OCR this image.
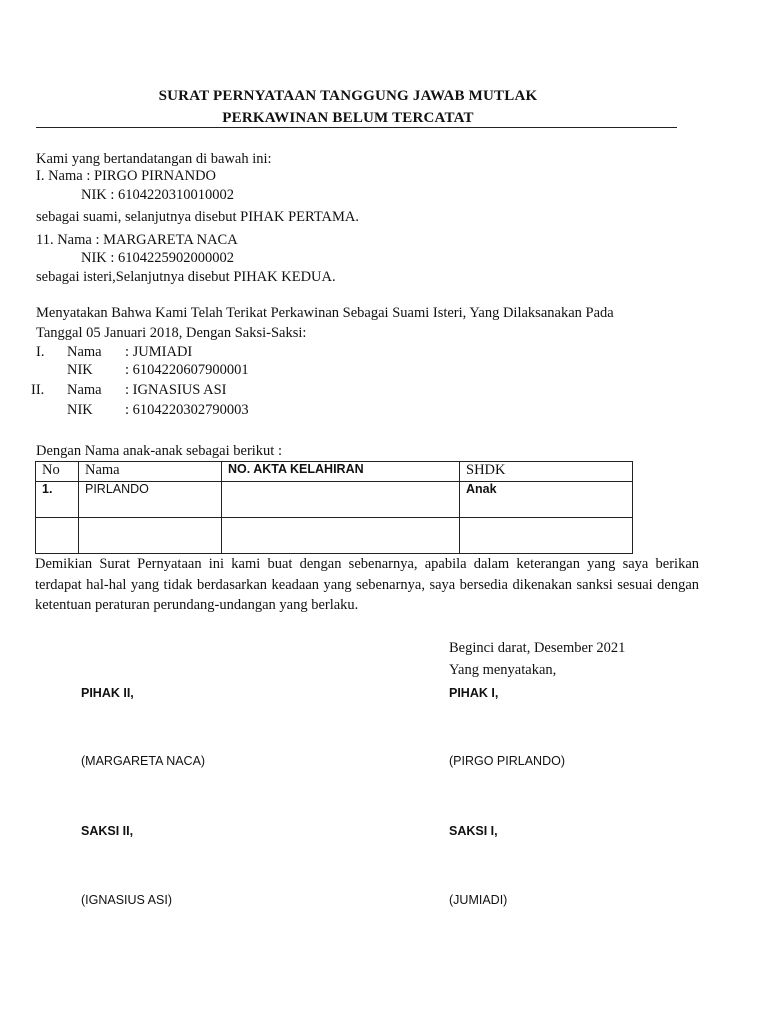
SURAT PERNYATAAN TANGGUNG JAWAB MUTLAK
PERKAWINAN BELUM TERCATAT
Kami yang bertandatangan di bawah ini:
I. Nama : PIRGO PIRNANDO
NIK : 6104220310010002
sebagai suami, selanjutnya disebut PIHAK PERTAMA.
11. Nama : MARGARETA NACA
NIK : 6104225902000002
sebagai isteri,Selanjutnya disebut PIHAK KEDUA.
Menyatakan Bahwa Kami Telah Terikat Perkawinan Sebagai Suami Isteri, Yang Dilaksanakan Pada
Tanggal 05 Januari 2018, Dengan Saksi-Saksi:
I. Nama : JUMIADI
NIK : 6104220607900001
II. Nama : IGNASIUS ASI
NIK : 6104220302790003
Dengan Nama anak-anak sebagai berikut :
No	Nama	NO. AKTA KELAHIRAN	SHDK
1.	PIRLANDO		Anak

Demikian Surat Pernyataan ini kami buat dengan sebenarnya, apabila dalam keterangan yang saya berikan terdapat hal-hal yang tidak berdasarkan keadaan yang sebenarnya, saya bersedia dikenakan sanksi sesuai dengan ketentuan peraturan perundang-undangan yang berlaku.
Beginci darat, Desember 2021
Yang menyatakan,
PIHAK II,	PIHAK I,
(MARGARETA NACA)	(PIRGO PIRLANDO)
SAKSI II,	SAKSI I,
(IGNASIUS ASI)	(JUMIADI)
